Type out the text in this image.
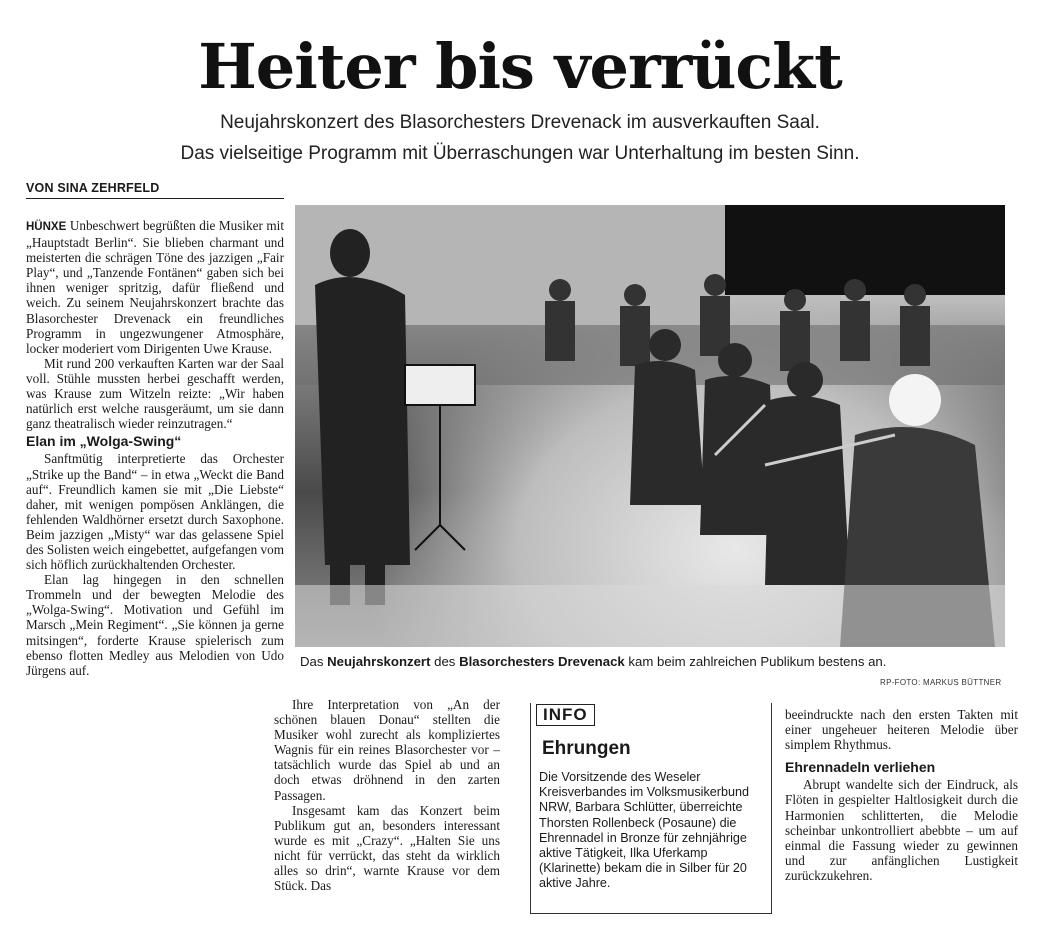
Heiter bis verrückt
Neujahrskonzert des Blasorchesters Drevenack im ausverkauften Saal.
Das vielseitige Programm mit Überraschungen war Unterhaltung im besten Sinn.
VON SINA ZEHRFELD

HÜNXE Unbeschwert begrüßten die Musiker mit „Hauptstadt Berlin“. Sie blieben charmant und meisterten die schrägen Töne des jazzigen „Fair Play“, und „Tanzende Fontänen“ gaben sich bei ihnen weniger spritzig, dafür fließend und weich. Zu seinem Neujahrskonzert brachte das Blasorchester Drevenack ein freundliches Programm in ungezwungener Atmosphäre, locker moderiert vom Dirigenten Uwe Krause.

Mit rund 200 verkauften Karten war der Saal voll. Stühle mussten herbei geschafft werden, was Krause zum Witzeln reizte: „Wir haben natürlich erst welche rausgeräumt, um sie dann ganz theatralisch wieder reinzutragen.“

Elan im „Wolga-Swing“

Sanftmütig interpretierte das Orchester „Strike up the Band“ – in etwa „Weckt die Band auf“. Freundlich kamen sie mit „Die Liebste“ daher, mit wenigen pompösen Anklängen, die fehlenden Waldhörner ersetzt durch Saxophone. Beim jazzigen „Misty“ war das gelassene Spiel des Solisten weich eingebettet, aufgefangen vom sich höflich zurückhaltenden Orchester.

Elan lag hingegen in den schnellen Trommeln und der bewegten Melodie des „Wolga-Swing“. Motivation und Gefühl im Marsch „Mein Regiment“. „Sie können ja gerne mitsingen“, forderte Krause spielerisch zum ebenso flotten Medley aus Melodien von Udo Jürgens auf.

Das Neujahrskonzert des Blasorchesters Drevenack kam beim zahlreichen Publikum bestens an.
RP-FOTO: MARKUS BÜTTNER

Ihre Interpretation von „An der schönen blauen Donau“ stellten die Musiker wohl zurecht als kompliziertes Wagnis für ein reines Blasorchester vor – tatsächlich wurde das Spiel ab und an doch etwas dröhnend in den zarten Passagen.

Insgesamt kam das Konzert beim Publikum gut an, besonders interessant wurde es mit „Crazy“. „Halten Sie uns nicht für verrückt, das steht da wirklich alles so drin“, warnte Krause vor dem Stück. Das

INFO
Ehrungen
Die Vorsitzende des Weseler Kreisverbandes im Volksmusikerbund NRW, Barbara Schlütter, überreichte Thorsten Rollenbeck (Posaune) die Ehrennadel in Bronze für zehnjährige aktive Tätigkeit, Ilka Uferkamp (Klarinette) bekam die in Silber für 20 aktive Jahre.

beeindruckte nach den ersten Takten mit einer ungeheuer heiteren Melodie über simplem Rhythmus.

Ehrennadeln verliehen

Abrupt wandelte sich der Eindruck, als Flöten in gespielter Haltlosigkeit durch die Harmonien schlitterten, die Melodie scheinbar unkontrolliert abebbte – um auf einmal die Fassung wieder zu gewinnen und zur anfänglichen Lustigkeit zurückzukehren.
